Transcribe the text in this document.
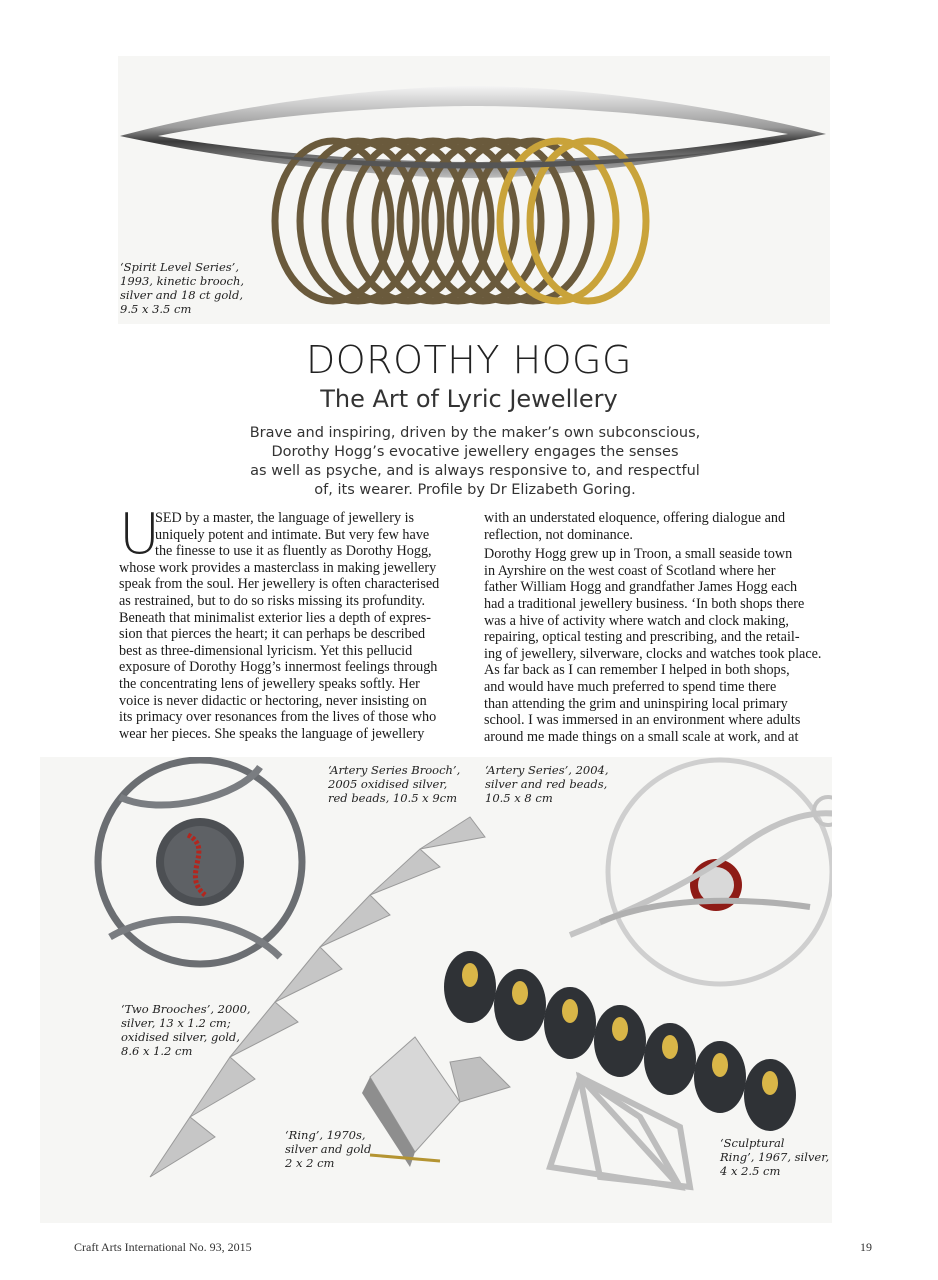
‘Spirit Level Series’,
1993, kinetic brooch,
silver and 18 ct gold,
9.5 x 3.5 cm
DOROTHY HOGG
The Art of Lyric Jewellery
Brave and inspiring, driven by the maker’s own subconscious,
Dorothy Hogg’s evocative jewellery engages the senses
as well as psyche, and is always responsive to, and respectful
of, its wearer. Profile by Dr Elizabeth Goring.
U
SED by a master, the language of jewellery is
uniquely potent and intimate. But very few have
the finesse to use it as fluently as Dorothy Hogg,
whose work provides a masterclass in making jewellery
speak from the soul. Her jewellery is often characterised
as restrained, but to do so risks missing its profundity.
Beneath that minimalist exterior lies a depth of expres-
sion that pierces the heart; it can perhaps be described
best as three-dimensional lyricism. Yet this pellucid
exposure of Dorothy Hogg’s innermost feelings through
the concentrating lens of jewellery speaks softly. Her
voice is never didactic or hectoring, never insisting on
its primacy over resonances from the lives of those who
wear her pieces. She speaks the language of jewellery
with an understated eloquence, offering dialogue and
reflection, not dominance.
Dorothy Hogg grew up in Troon, a small seaside town
in Ayrshire on the west coast of Scotland where her
father William Hogg and grandfather James Hogg each
had a traditional jewellery business. ‘In both shops there
was a hive of activity where watch and clock making,
repairing, optical testing and prescribing, and the retail-
ing of jewellery, silverware, clocks and watches took place.
As far back as I can remember I helped in both shops,
and would have much preferred to spend time there
than attending the grim and uninspiring local primary
school. I was immersed in an environment where adults
around me made things on a small scale at work, and at
‘Artery Series Brooch’,
2005 oxidised silver,
red beads, 10.5 x 9cm
‘Artery Series’, 2004,
silver and red beads,
10.5 x 8 cm
‘Two Brooches’, 2000,
silver, 13 x 1.2 cm;
oxidised silver, gold,
8.6 x 1.2 cm
‘Ring’, 1970s,
silver and gold
2 x 2 cm
‘Sculptural
Ring’, 1967, silver,
4 x 2.5 cm
Craft Arts International No. 93, 2015	19
